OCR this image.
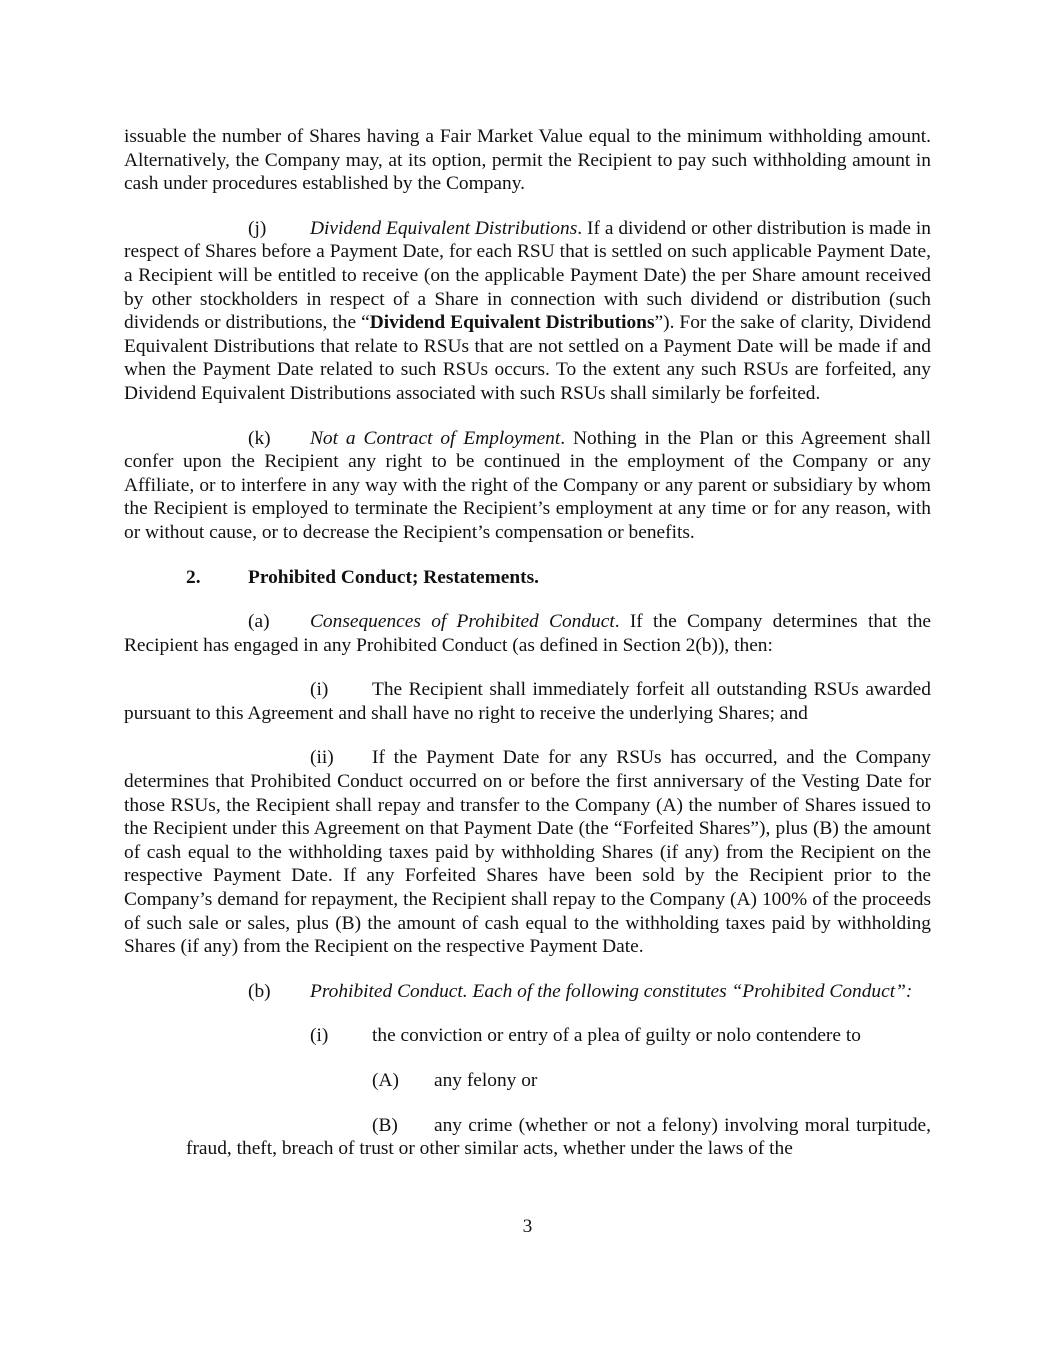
issuable the number of Shares having a Fair Market Value equal to the minimum withholding amount. Alternatively, the Company may, at its option, permit the Recipient to pay such withholding amount in cash under procedures established by the Company.

(j) Dividend Equivalent Distributions. If a dividend or other distribution is made in respect of Shares before a Payment Date, for each RSU that is settled on such applicable Payment Date, a Recipient will be entitled to receive (on the applicable Payment Date) the per Share amount received by other stockholders in respect of a Share in connection with such dividend or distribution (such dividends or distributions, the “Dividend Equivalent Distributions”). For the sake of clarity, Dividend Equivalent Distributions that relate to RSUs that are not settled on a Payment Date will be made if and when the Payment Date related to such RSUs occurs. To the extent any such RSUs are forfeited, any Dividend Equivalent Distributions associated with such RSUs shall similarly be forfeited.

(k) Not a Contract of Employment. Nothing in the Plan or this Agreement shall confer upon the Recipient any right to be continued in the employment of the Company or any Affiliate, or to interfere in any way with the right of the Company or any parent or subsidiary by whom the Recipient is employed to terminate the Recipient’s employment at any time or for any reason, with or without cause, or to decrease the Recipient’s compensation or benefits.

2. Prohibited Conduct; Restatements.

(a) Consequences of Prohibited Conduct. If the Company determines that the Recipient has engaged in any Prohibited Conduct (as defined in Section 2(b)), then:

(i) The Recipient shall immediately forfeit all outstanding RSUs awarded pursuant to this Agreement and shall have no right to receive the underlying Shares; and

(ii) If the Payment Date for any RSUs has occurred, and the Company determines that Prohibited Conduct occurred on or before the first anniversary of the Vesting Date for those RSUs, the Recipient shall repay and transfer to the Company (A) the number of Shares issued to the Recipient under this Agreement on that Payment Date (the “Forfeited Shares”), plus (B) the amount of cash equal to the withholding taxes paid by withholding Shares (if any) from the Recipient on the respective Payment Date. If any Forfeited Shares have been sold by the Recipient prior to the Company’s demand for repayment, the Recipient shall repay to the Company (A) 100% of the proceeds of such sale or sales, plus (B) the amount of cash equal to the withholding taxes paid by withholding Shares (if any) from the Recipient on the respective Payment Date.

(b) Prohibited Conduct. Each of the following constitutes “Prohibited Conduct”:

(i) the conviction or entry of a plea of guilty or nolo contendere to
(A) any felony or

(B) any crime (whether or not a felony) involving moral turpitude, fraud, theft, breach of trust or other similar acts, whether under the laws of the

3
